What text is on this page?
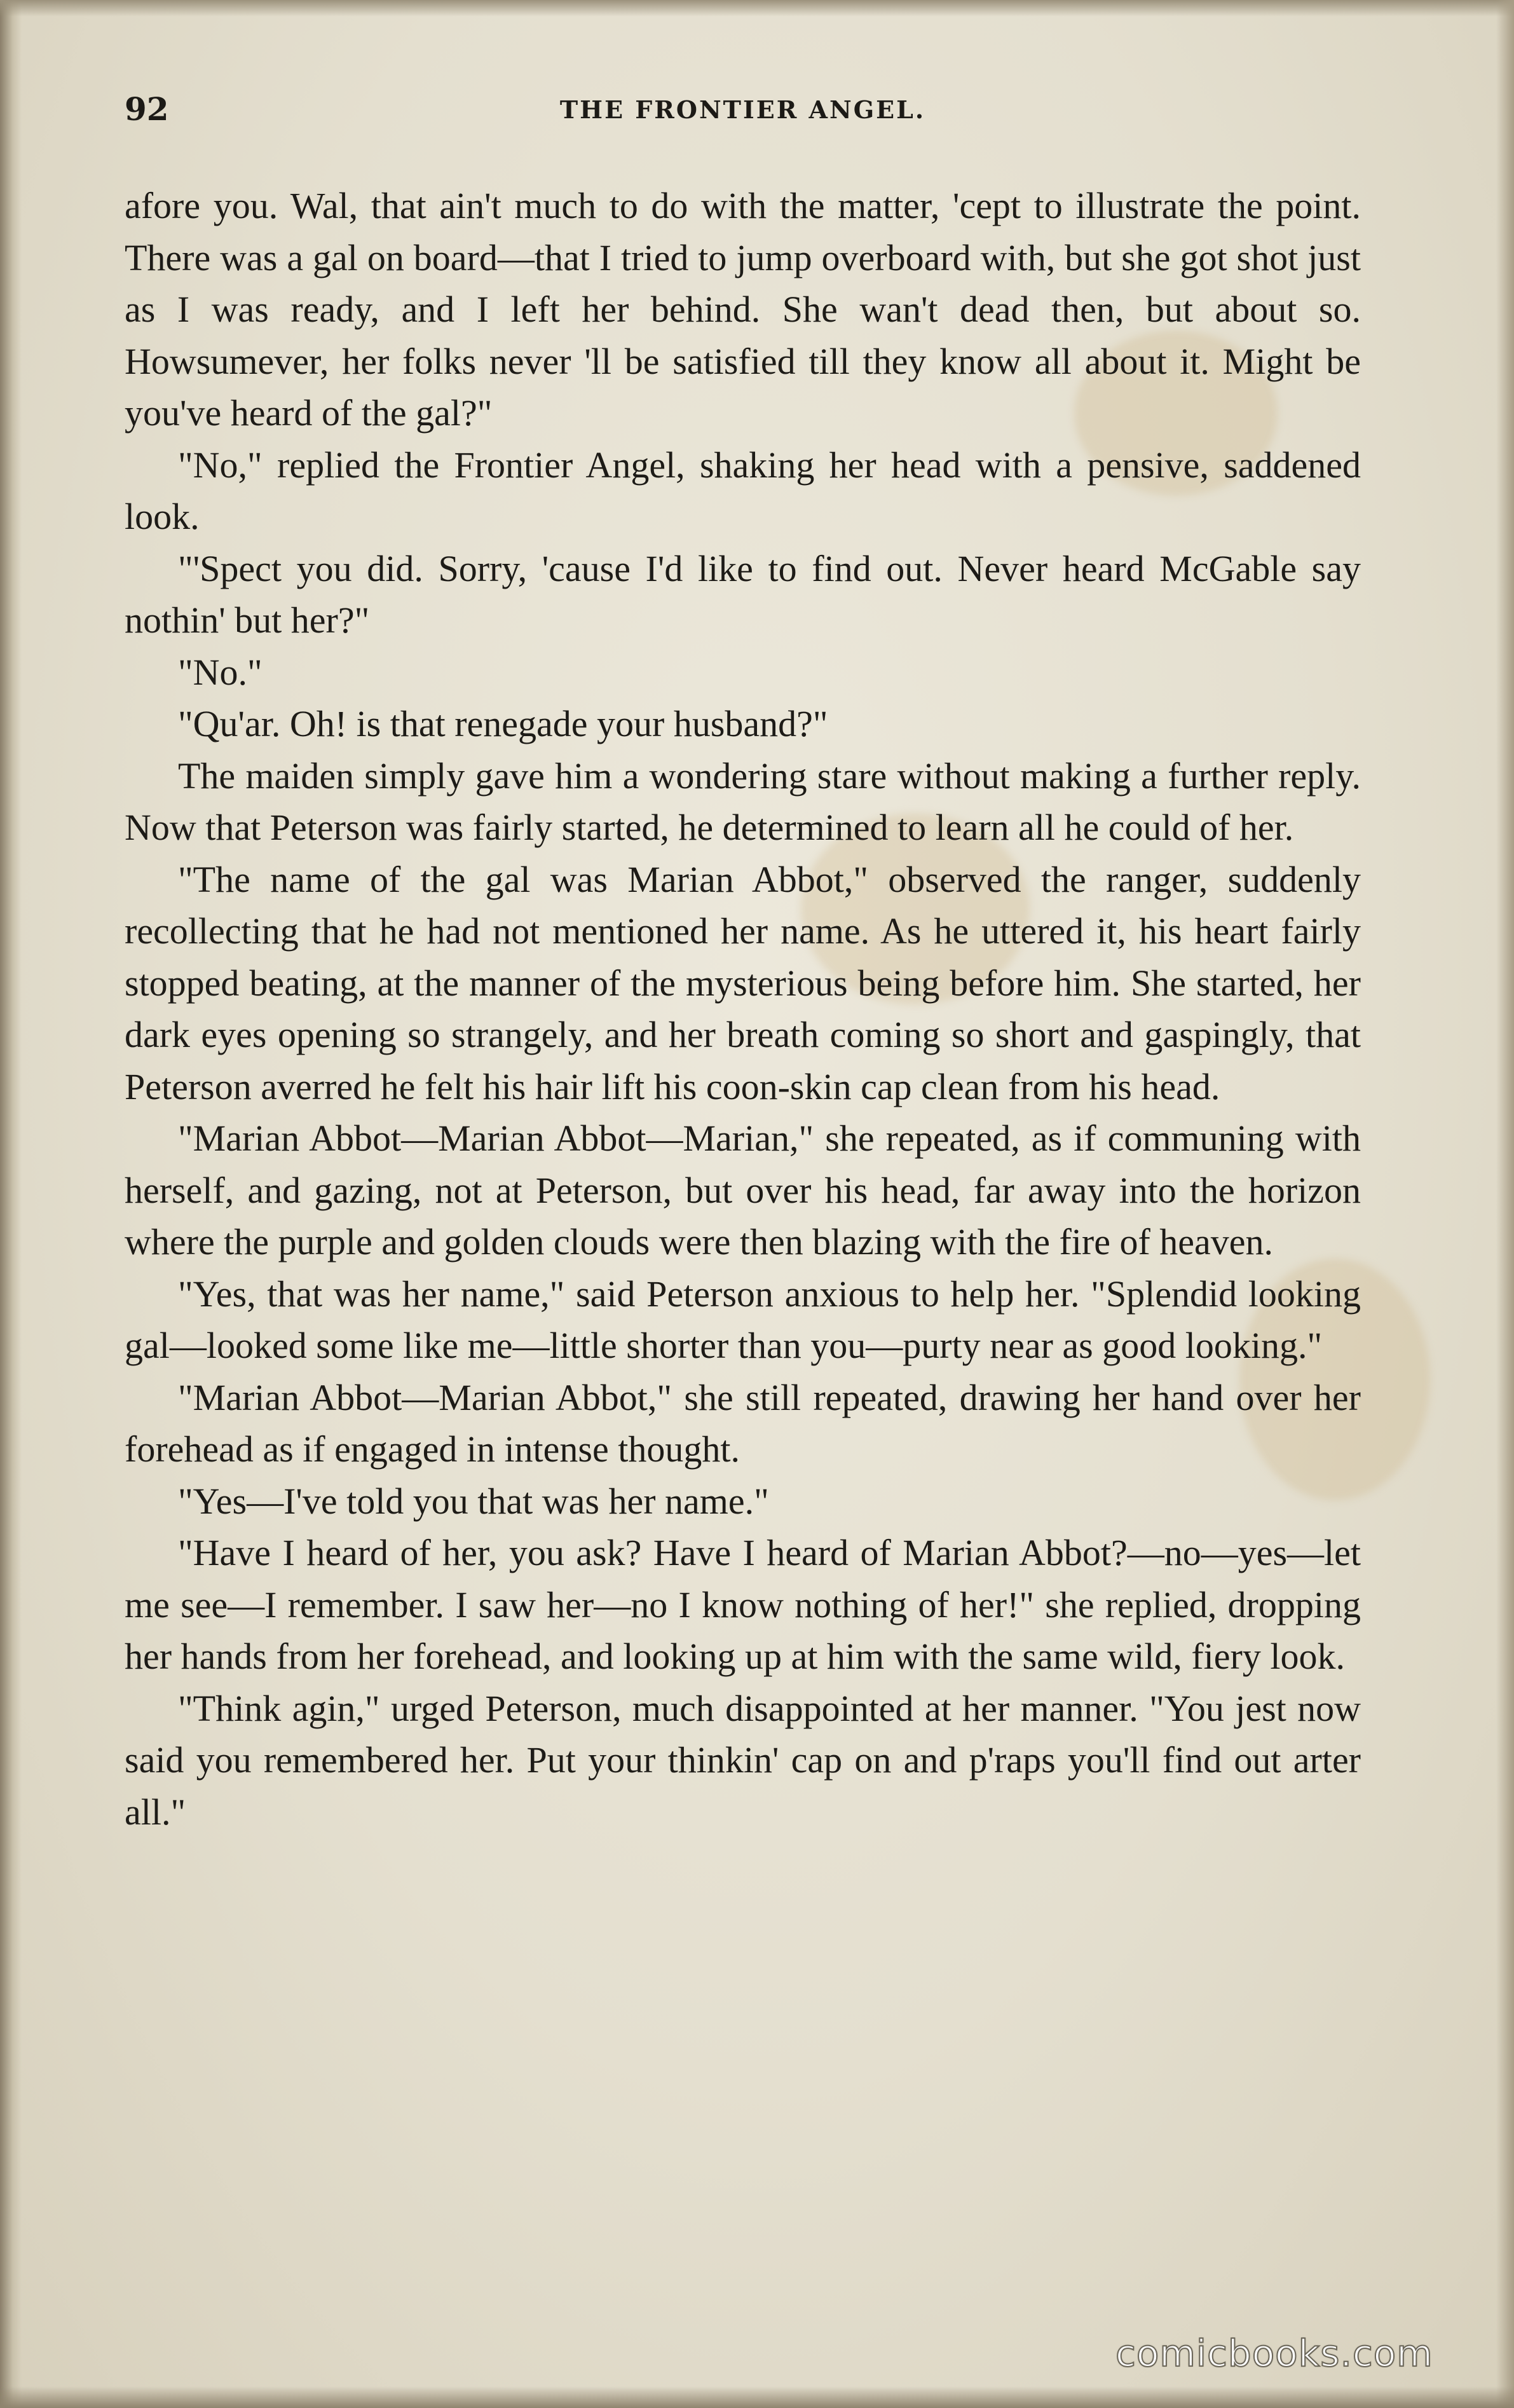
92	THE FRONTIER ANGEL.

afore you. Wal, that ain't much to do with the matter, 'cept to illustrate the point. There was a gal on board—that I tried to jump overboard with, but she got shot just as I was ready, and I left her behind. She wan't dead then, but about so. Howsumever, her folks never 'll be satisfied till they know all about it. Might be you've heard of the gal?"

"No," replied the Frontier Angel, shaking her head with a pensive, saddened look.

"'Spect you did. Sorry, 'cause I'd like to find out. Never heard McGable say nothin' but her?"

"No."

"Qu'ar. Oh! is that renegade your husband?"

The maiden simply gave him a wondering stare without making a further reply. Now that Peterson was fairly started, he determined to learn all he could of her.

"The name of the gal was Marian Abbot," observed the ranger, suddenly recollecting that he had not mentioned her name. As he uttered it, his heart fairly stopped beating, at the manner of the mysterious being before him. She started, her dark eyes opening so strangely, and her breath coming so short and gaspingly, that Peterson averred he felt his hair lift his coon-skin cap clean from his head.

"Marian Abbot—Marian Abbot—Marian," she repeated, as if communing with herself, and gazing, not at Peterson, but over his head, far away into the horizon where the purple and golden clouds were then blazing with the fire of heaven.

"Yes, that was her name," said Peterson anxious to help her. "Splendid looking gal—looked some like me—little shorter than you—purty near as good looking."

"Marian Abbot—Marian Abbot," she still repeated, drawing her hand over her forehead as if engaged in intense thought.

"Yes—I've told you that was her name."

"Have I heard of her, you ask? Have I heard of Marian Abbot?—no—yes—let me see—I remember. I saw her—no I know nothing of her!" she replied, dropping her hands from her forehead, and looking up at him with the same wild, fiery look.

"Think agin," urged Peterson, much disappointed at her manner. "You jest now said you remembered her. Put your thinkin' cap on and p'raps you'll find out arter all."

comicbooks.com
